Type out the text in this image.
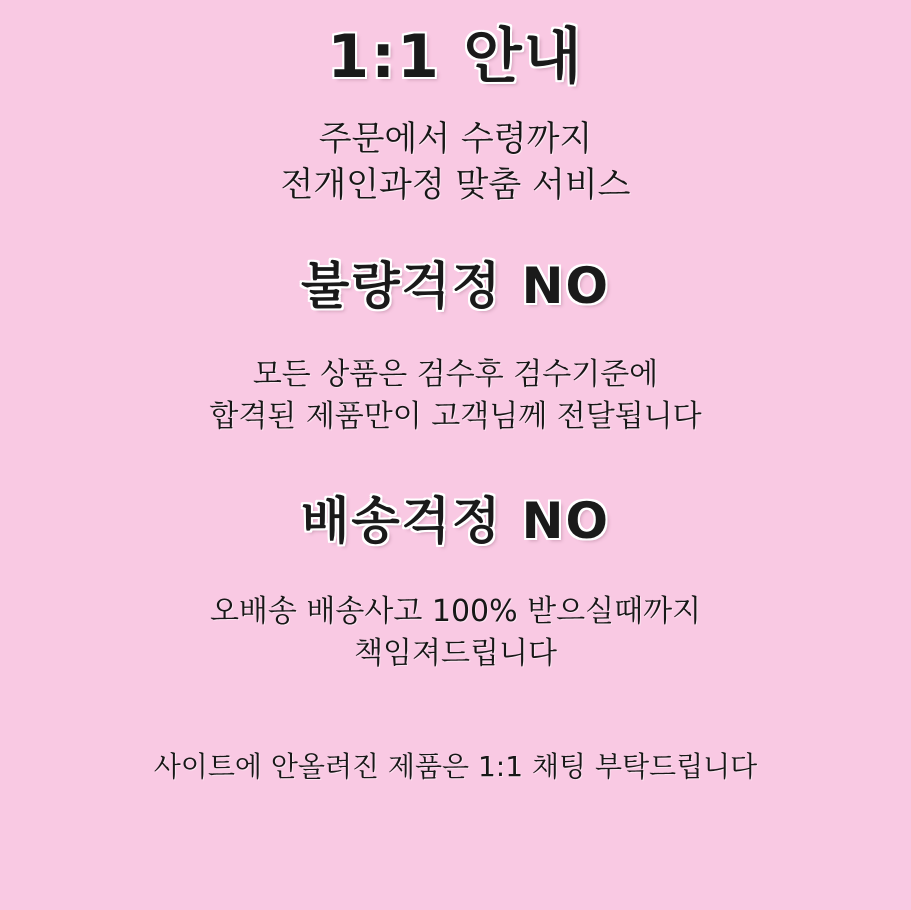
1:1 안내
주문에서 수령까지
전개인과정 맞춤 서비스
불량걱정 NO
모든 상품은 검수후 검수기준에
합격된 제품만이 고객님께 전달됩니다
배송걱정 NO
오배송 배송사고 100% 받으실때까지
책임져드립니다
사이트에 안올려진 제품은 1:1 채팅 부탁드립니다
